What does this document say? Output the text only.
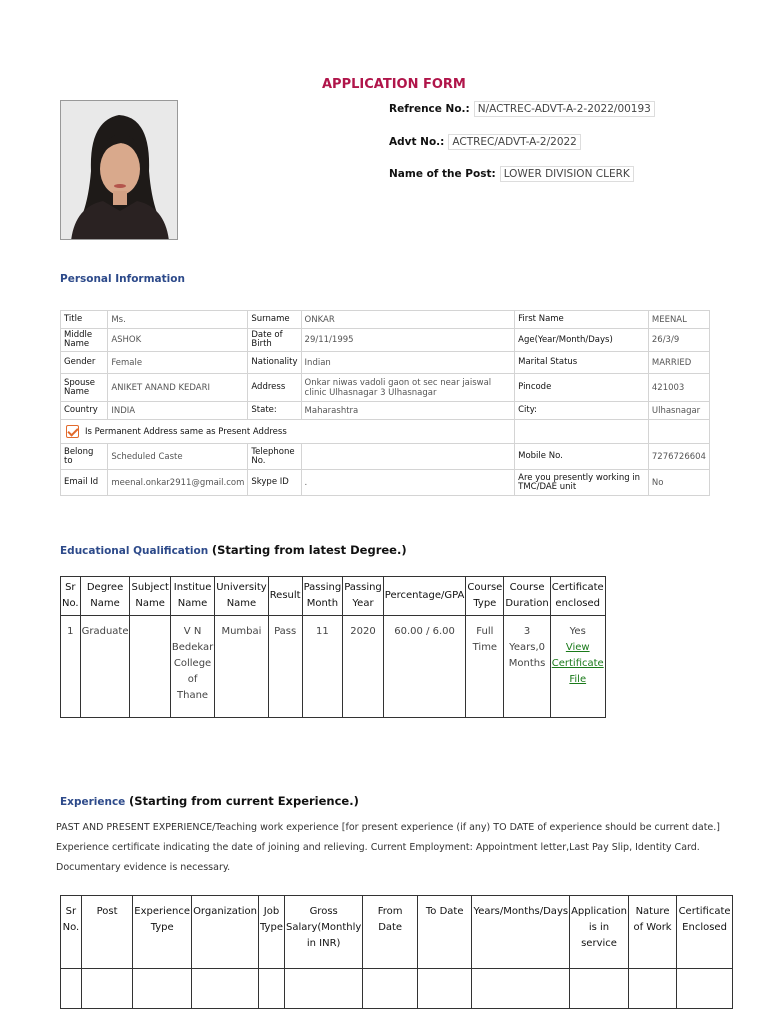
APPLICATION FORM
Refrence No.: N/ACTREC-ADVT-A-2-2022/00193
Advt No.: ACTREC/ADVT-A-2/2022
Name of the Post: LOWER DIVISION CLERK
Personal Information
Title	Ms.	Surname	ONKAR	First Name	MEENAL
Middle Name	ASHOK	Date of Birth	29/11/1995	Age(Year/Month/Days)	26/3/9
Gender	Female	Nationality	Indian	Marital Status	MARRIED
Spouse Name	ANIKET ANAND KEDARI	Address	Onkar niwas vadoli gaon ot sec near jaiswal clinic Ulhasnagar 3 Ulhasnagar	Pincode	421003
Country	INDIA	State:	Maharashtra	City:	Ulhasnagar
Is Permanent Address same as Present Address					
Belong to	Scheduled Caste	Telephone No.		Mobile No.	7276726604
Email Id	meenal.onkar2911@gmail.com	Skype ID	.	Are you presently working in TMC/DAE unit	No
Educational Qualification (Starting from latest Degree.)
Sr No.	Degree Name	Subject Name	Institue Name	University Name	Result	Passing Month	Passing Year	Percentage/GPA	Course Type	Course Duration	Certificate enclosed
1	Graduate		V N Bedekar College of Thane	Mumbai	Pass	11	2020	60.00 / 6.00	Full Time	3 Years,0 Months	Yes
View Certificate File
Experience (Starting from current Experience.)
PAST AND PRESENT EXPERIENCE/Teaching work experience [for present experience (if any) TO DATE of experience should be current date.]
Experience certificate indicating the date of joining and relieving. Current Employment: Appointment letter,Last Pay Slip, Identity Card.
Documentary evidence is necessary.
Sr No.	Post	Experience Type	Organization	Job Type	Gross Salary(Monthly in INR)	From Date	To Date	Years/Months/Days	Application is in service	Nature of Work	Certificate Enclosed
